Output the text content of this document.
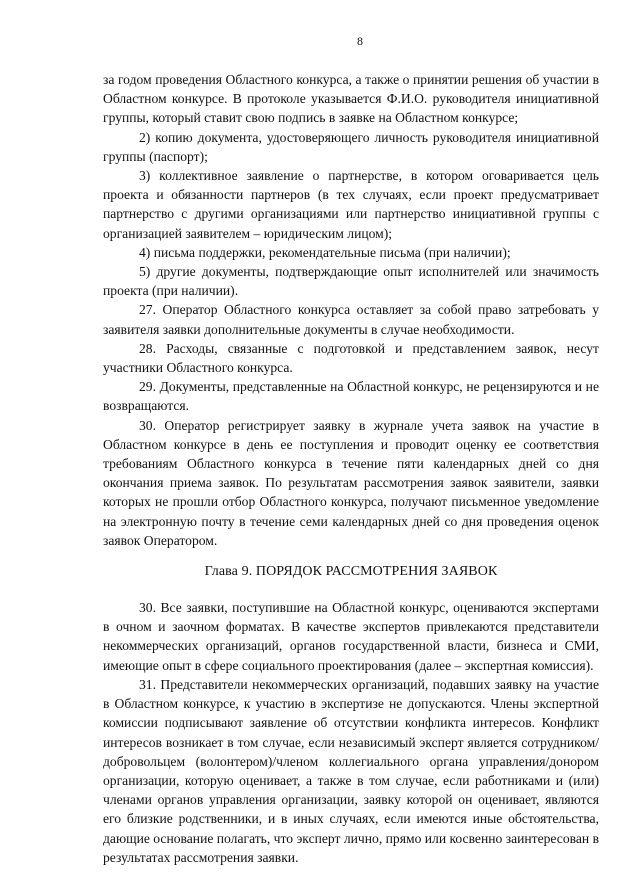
8

за годом проведения Областного конкурса, а также о принятии решения об участии в Областном конкурсе. В протоколе указывается Ф.И.О. руководителя инициативной группы, который ставит свою подпись в заявке на Областном конкурсе;

2) копию документа, удостоверяющего личность руководителя инициативной группы (паспорт);

3) коллективное заявление о партнерстве, в котором оговаривается цель проекта и обязанности партнеров (в тех случаях, если проект предусматривает партнерство с другими организациями или партнерство инициативной группы с организацией заявителем – юридическим лицом);

4) письма поддержки, рекомендательные письма (при наличии);

5) другие документы, подтверждающие опыт исполнителей или значимость проекта (при наличии).

27. Оператор Областного конкурса оставляет за собой право затребовать у заявителя заявки дополнительные документы в случае необходимости.

28. Расходы, связанные с подготовкой и представлением заявок, несут участники Областного конкурса.

29. Документы, представленные на Областной конкурс, не рецензируются и не возвращаются.

30. Оператор регистрирует заявку в журнале учета заявок на участие в Областном конкурсе в день ее поступления и проводит оценку ее соответствия требованиям Областного конкурса в течение пяти календарных дней со дня окончания приема заявок. По результатам рассмотрения заявок заявители, заявки которых не прошли отбор Областного конкурса, получают письменное уведомление на электронную почту в течение семи календарных дней со дня проведения оценок заявок Оператором.

Глава 9. ПОРЯДОК РАССМОТРЕНИЯ ЗАЯВОК

30. Все заявки, поступившие на Областной конкурс, оцениваются экспертами в очном и заочном форматах. В качестве экспертов привлекаются представители некоммерческих организаций, органов государственной власти, бизнеса и СМИ, имеющие опыт в сфере социального проектирования (далее – экспертная комиссия).

31. Представители некоммерческих организаций, подавших заявку на участие в Областном конкурсе, к участию в экспертизе не допускаются. Члены экспертной комиссии подписывают заявление об отсутствии конфликта интересов. Конфликт интересов возникает в том случае, если независимый эксперт является сотрудником/добровольцем (волонтером)/членом коллегиального органа управления/донором организации, которую оценивает, а также в том случае, если работниками и (или) членами органов управления организации, заявку которой он оценивает, являются его близкие родственники, и в иных случаях, если имеются иные обстоятельства, дающие основание полагать, что эксперт лично, прямо или косвенно заинтересован в результатах рассмотрения заявки.
